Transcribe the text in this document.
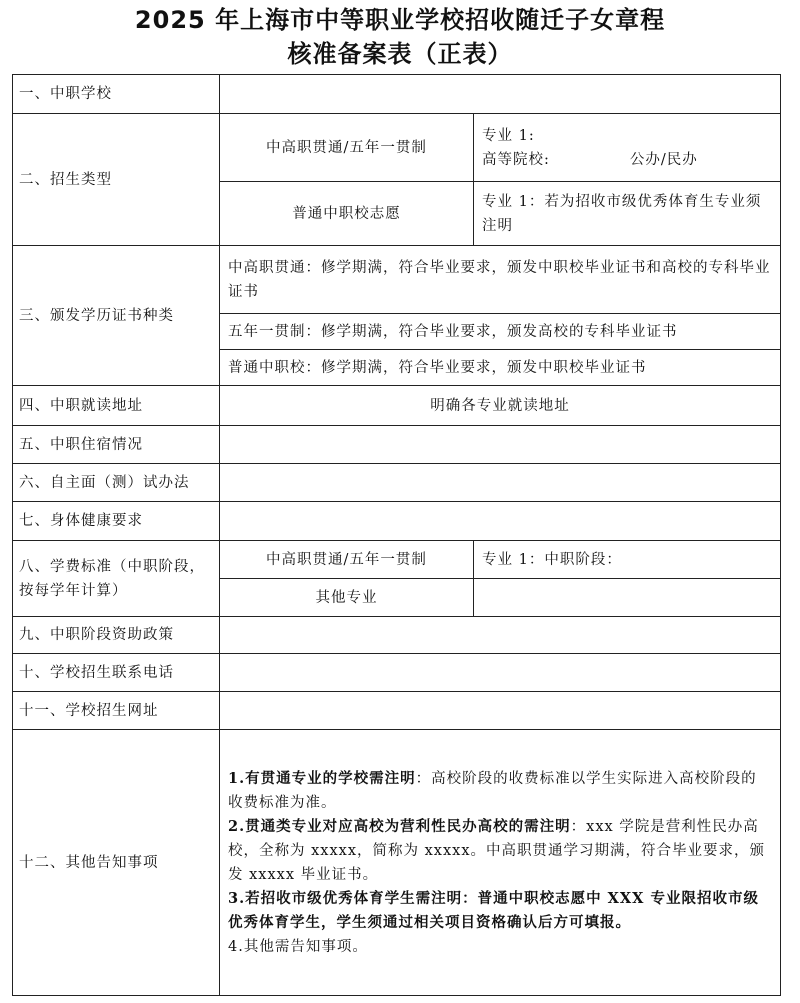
2025 年上海市中等职业学校招收随迁子女章程
核准备案表（正表）
一、中职学校		
二、招生类型	中高职贯通/五年一贯制	专业 1:
高等院校: 公办/民办

	普通中职校志愿	专业 1：若为招收市级优秀体育生专业须注明
三、颁发学历证书种类	中高职贯通：修学期满，符合毕业要求，颁发中职校毕业证书和高校的专科毕业证书	
	五年一贯制：修学期满，符合毕业要求，颁发高校的专科毕业证书	
	普通中职校：修学期满，符合毕业要求，颁发中职校毕业证书	
四、中职就读地址	明确各专业就读地址	
五、中职住宿情况		
六、自主面（测）试办法		
七、身体健康要求		
八、学费标准（中职阶段，按每学年计算）	中高职贯通/五年一贯制	专业 1：中职阶段：
	其他专业	
九、中职阶段资助政策		
十、学校招生联系电话		
十一、学校招生网址		
十二、其他告知事项	1.有贯通专业的学校需注明：高校阶段的收费标准以学生实际进入高校阶段的收费标准为准。

2.贯通类专业对应高校为营利性民办高校的需注明：xxx 学院是营利性民办高校，全称为 xxxxx，简称为 xxxxx。中高职贯通学习期满，符合毕业要求，颁发 xxxxx 毕业证书。

3.若招收市级优秀体育学生需注明：普通中职校志愿中 XXX 专业限招收市级优秀体育学生，学生须通过相关项目资格确认后方可填报。

4.其他需告知事项。	
